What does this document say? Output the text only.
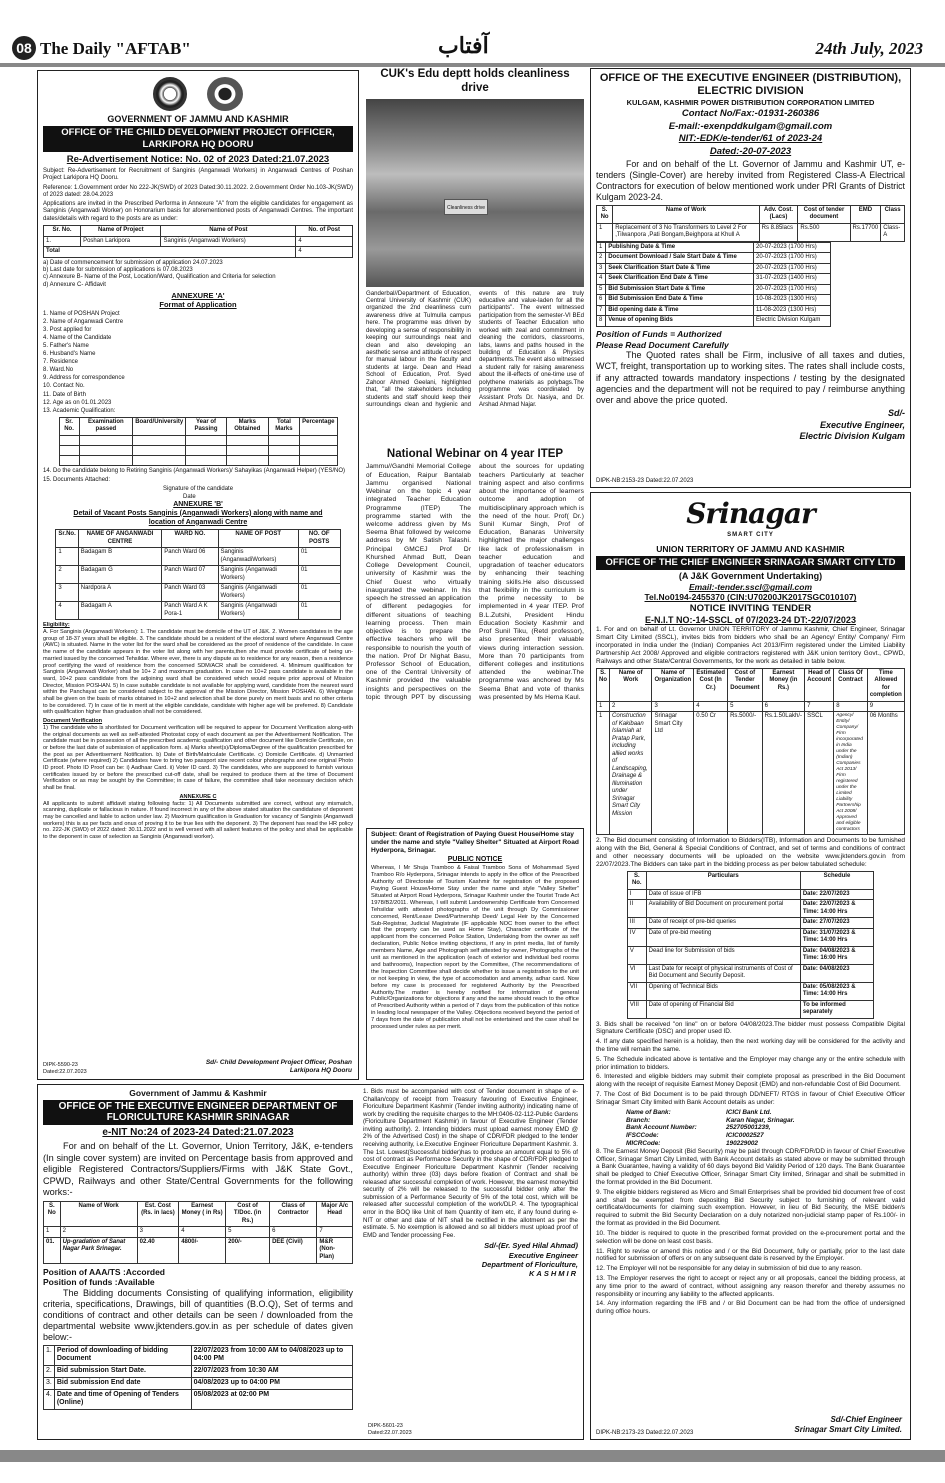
08 The Daily "AFTAB"	آفتاب	24th July, 2023
GOVERNMENT OF JAMMU AND KASHMIR
OFFICE OF THE CHILD DEVELOPMENT PROJECT OFFICER, LARKIPORA HQ DOORU
Re-Advertisement Notice: No. 02 of 2023 Dated:21.07.2023

Subject: Re-Advertisement for Recruitment of Sanginis (Anganwadi Workers) in Anganwadi Centres of Poshan Project Larkipora HQ Dooru.

Reference: 1.Government order No 222-JK(SWD) of 2023 Dated:30.11.2022. 2.Government Order No.103-JK(SWD) of 2023 dated: 28.04.2023

Applications are invited in the Prescribed Performa in Annexure "A" from the eligible candidates for engagement as Sanginis (Anganwadi Worker) on Honorarium basis for aforementioned posts of Anganwadi Centres. The important dates/details with regard to the posts are as under:

Sr. No.	Name of Project	Name of Post	No. of Post
1.	Poshan Larkipora	Sanginis (Anganwadi Workers)	4
Total			4
a) Date of commencement for submission of application 24.07.2023
b) Last date for submission of applications is 07.08.2023
c) Annexure B- Name of the Post, Location/Ward, Qualification and Criteria for selection
d) Annexure C- Affidavit
ANNEXURE 'A'
Format of Application
1. Name of POSHAN Project
2. Name of Anganwadi Centre
3. Post applied for
4. Name of the Candidate
5. Father's Name
6. Husband's Name
7. Residence
8. Ward.No
9. Address for correspondence
10. Contact No.
11. Date of Birth
12. Age as on 01.01.2023
13. Academic Qualification:
Sr. No.	Examination passed	Board/University	Year of Passing	Marks Obtained	Total Marks	Percentage

14. Do the candidate belong to Retiring Sanginis (Anganwadi Workers)/ Sahayikas (Anganwadi Helper) (YES/NO)

15. Documents Attached:

Signature of the candidate
Date
ANNEXURE 'B'
Detail of Vacant Posts Sanginis (Anganwadi Workers) along with name and location of Anganwadi Centre
Sr.No.	NAME OF ANGANWADI CENTRE	WARD NO.	NAME OF POST	NO. OF POSTS
1	Badagam B	Panch Ward 06	Sanginis (AnganwadiWorkers)	01
2	Badagam G	Panch Ward 07	Sanginis (Anganwadi Workers)	01
3	Nardpora A	Panch Ward 03	Sanginis (Anganwadi Workers)	01
4	Badagam A	Panch Ward A K Pora-1	Sanginis (Anganwadi Workers)	01
Eligibility:

A. For Sanginis (Anganwadi Workers): 1. The candidate must be domicile of the UT of J&K. 2. Women candidates in the age group of 18-37 years shall be eligible. 3. The candidate should be a resident of the electoral ward where Anganwadi Centre (AWC) is situated. Name in the voter list for the ward shall be considered as the proof of residence of the candidate. In case the name of the candidate appears in the voter list along with her parents,then she must provide certificate of being un-married issued by the concerned Tehsildar. Where ever, there is any dispute as to residence for any reason, then a residence proof certifying the ward of residence from the concerned SDM/ACR shall be considered. 4. Minimum qualification for Sanginis (Anganwadi Worker) shall be 10+ 2 and maximum graduation. In case no 10+2 pass candidate is available in the ward, 10+2 pass candidate from the adjoining ward shall be considered which would require prior approval of Mission Director, Mission POSHAN. 5) In case suitable candidate is not available for applying ward, candidate from the nearest ward within the Panchayat can be considered subject to the approval of the Mission Director, Mission POSHAN. 6) Weightage shall be given on the basis of marks obtained in 10+2 and selection shall be done purely on merit basis and no other criteria to be considered. 7) In case of tie in merit at the eligible candidate, candidate with higher age will be preferred. 8) Candidate with qualification higher than graduation shall not be considered.

Document Verification

1) The candidate who is shortlisted for Document verification will be required to appear for Document Verification along-with the original documents as well as self-attested Photostat copy of each document as per the Advertisement Notification. The candidate must be in possession of all the prescribed academic qualification and other document like Domicile Certificate, on or before the last date of submission of application form. a) Marks sheet(s)/Diploma/Degree of the qualification prescribed for the post as per Advertisement Notification. b) Date of Birth/Matriculate Certificate. c) Domicile Certificate. d) Unmarried Certificate (where required) 2) Candidates have to bring two passport size recent colour photographs and one original Photo ID proof. Photo ID Proof can be: i) Aadhaar Card. ii) Voter ID card. 3) The candidates, who are supposed to furnish various certificates issued by or before the prescribed cut-off date, shall be required to produce them at the time of Document Verification or as may be sought by the Committee; in case of failure, the committee shall take necessary decision which shall be final.

ANNEXURE C

All applicants to submit affidavit stating following facts: 1) All Documents submitted are correct, without any mismatch, scanning, duplicate or fallacious in nature. If found incorrect in any of the above stated situation the candidature of deponent may be cancelled and liable to action under law. 2) Maximum qualification is Graduation for vacancy of Sanginis (Anganwadi workers) this is as per facts and onus of proving it to be true lies with the deponent. 3) The deponent has read the HR policy no. 222-JK (SWD) of 2022 dated: 30.11.2022 and is well versed with all salient features of the policy and shall be applicable to the deponent in case of selection as Sanginis (Anganwadi worker).

DIPK-5590-23 Dated:22.07.2023
Sd/- Child Development Project Officer, Poshan Larkipora HQ Dooru
CUK's Edu deptt holds cleanliness drive
Cleanliness drive
Ganderbal//Department of Education, Central University of Kashmir (CUK) organized the 2nd cleanliness cum awareness drive at Tulmulla campus here. The programme was driven by developing a sense of responsibility in keeping our surroundings neat and clean and also developing an aesthetic sense and attitude of respect for manual labour in the faculty and students at large. Dean and Head School of Education, Prof. Syed Zahoor Ahmed Geelani, highlighted that, "all the stakeholders including students and staff should keep their surroundings clean and hygienic and events of this nature are truly educative and value-laden for all the participants". The event witnessed participation from the semester-VI BEd students of Teacher Education who worked with zeal and commitment in cleaning the corridors, classrooms, labs, lawns and paths housed in the building of Education & Physics departments.The event also witnessed a student rally for raising awareness about the ill-effects of one-time use of polythene materials as polybags.The programme was coordinated by Assistant Profs Dr. Nasiya, and Dr. Arshad Ahmad Najar.
National Webinar on 4 year ITEP
Jammu//Gandhi Memorial College of Education, Raipur Bantalab Jammu organised National Webinar on the topic 4 year integrated Teacher Education Programme (ITEP) The programme started with the welcome address given by Ms Seema Bhat followed by welcome address by Mr Satish Talashi. Principal GMCEJ Prof Dr Khurshed Ahmad Butt, Dean College Development Council, university of Kashmir was the Chief Guest who virtually inaugurated the webinar. In his speech he stressed an application of different pedagogies for different situations of teaching learning process. Then main objective is to prepare the effective teachers who will be responsible to nourish the youth of the nation. Prof Dr Nighat Basu, Professor School of Education, one of the Central University of Kashmir provided the valuable insights and perspectives on the topic through PPT by discussing about the sources for updating teachers Particularly at teacher training aspect and also confirms about the importance of learners outcome and adoption of multidisciplinary approach which is the need of the hour. Prof( Dr.) Sunil Kumar Singh, Prof of Education, Banaras University highlighted the major challenges like lack of professionalism in teacher education and upgradation of teacher educators by enhancing their teaching training skills.He also discussed that flexibility in the curriculum is the prime necessity to be implemented in 4 year ITEP. Prof B.L.Zutshi, President Hindu Education Society Kashmir and Prof Sunil Tiku, (Retd professor), also presented their valuable views during interaction session. More than 70 participants from different colleges and institutions attended the webinar.The programme was anchored by Ms Seema Bhat and vote of thanks was presented by Ms Hema Kaul.
Subject: Grant of Registration of Paying Guest House/Home stay under the name and style "Valley Shelter" Situated at Airport Road Hyderpora, Srinagar.
PUBLIC NOTICE
Whereas, I Mr Shuja Tramboo & Faisal Tramboo Sons of Mohammad Syed Tramboo R/o Hyderpora, Srinagar intends to apply in the office of the Prescribed Authority of Directorate of Tourism Kashmir for registration of the proposed Paying Guest House/Home Stay under the name and style "Valley Shelter" Situated at Airport Road Hyderpora, Srinagar Kashmir under the Tourist Trade Act 1978/B2/2011. Whereas, I will submit Landownership Certificate from Concerned Tehsildar with attested photographs of the unit through Dy Commissioner concerned, Rent/Lease Deed/Partnership Deed/ Legal Heir by the Concerned Sub-Registrar, Judicial Magistrate (IF applicable NOC from owner to the effect that the property can be used as Home Stay), Character certificate of the applicant from the concerned Police Station, Undertaking from the owner as self declaration, Public Notice inviting objections, if any in print media, list of family members Name, Age and Photograph self attested by owner, Photographs of the unit as mentioned in the application (each of exterior and individual bed rooms and bathrooms), Inspection report by the Committee, (The recommendations of the Inspection Committee shall decide whether to issue a registration to the unit or not keeping in view, the type of accomodation and amenity, adhar card. Now before my case is processed for registered Authority by the Prescribed Authority.The matter is hereby notified for information of general Public/Organizations for objections if any and the same should reach to the office of Prescribed Authority within a period of 7 days from the publication of this notice in leading local newspaper of the Valley. Objections received beyond the period of 7 days from the date of publication shall not be entertained and the case shall be processed under rules as per merit.
OFFICE OF THE EXECUTIVE ENGINEER (DISTRIBUTION), ELECTRIC DIVISION
KULGAM, KASHMIR POWER DISTRIBUTION CORPORATION LIMITED
Contact No/Fax:-01931-260386
E-mail:-exenpddkulgam@gmail.com
NIT:-EDK/e-tender/61 of 2023-24
Dated:-20-07-2023

For and on behalf of the Lt. Governor of Jammu and Kashmir UT, e-tenders (Single-Cover) are hereby invited from Registered Class-A Electrical Contractors for execution of below mentioned work under PRI Grants of District Kulgam 2023-24.

S. No	Name of Work	Adv. Cost. (Lacs)	Cost of tender document	EMD	Class
1	Replacement of 3 No Transformers to Level 2 For ,Tilwanpora ,Pati Bongam,Beighpora at Khull A	Rs 8.85lacs	Rs.500	Rs.17700	Class-A
1	Publishing Date & Time	20-07-2023 (1700 Hrs)
2	Document Download / Sale Start Date & Time	20-07-2023 (1700 Hrs)
3	Seek Clarification Start Date & Time	20-07-2023 (1700 Hrs)
4	Seek Clarification End Date & Time	31-07-2023 (1400 Hrs)
5	Bid Submission Start Date & Time	20-07-2023 (1700 Hrs)
6	Bid Submission End Date & Time	10-08-2023 (1300 Hrs)
7	Bid opening date & Time	11-08-2023 (1300 Hrs)
8	Venue of opening Bids	Electric Division Kulgam
Position of Funds = Authorized
Please Read Document Carefully

The Quoted rates shall be Firm, inclusive of all taxes and duties, WCT, freight, transportation up to working sites. The rates shall include costs, if any attracted towards mandatory inspections / testing by the designated agencies and the department will not be required to pay / reimburse anything over and above the price quoted.

Sd/-
Executive Engineer,
Electric Division Kulgam
DIPK-NB:2153-23 Dated:22.07.2023
Srinagar
SMART CITY
UNION TERRITORY OF JAMMU AND KASHMIR
OFFICE OF THE CHIEF ENGINEER SRINAGAR SMART CITY LTD
(A J&K Government Undertaking)
Email:-tender.sscl@gmail.com
Tel.No0194-2455370 (CIN:U70200JK2017SGC010107)
NOTICE INVITING TENDER
E-N.I.T NO:-14-SSCL of 07/2023-24 DT:-22/07/2023

1. For and on behalf of Lt. Governor UNION TERRITORY of Jammu Kashmir, Chief Engineer, Srinagar Smart City Limited (SSCL), invites bids from bidders who shall be an Agency/ Entity/ Company/ Firm incorporated in India under the (Indian) Companies Act 2013/Firm registered under the Limited Liability Partnership Act 2008/ Approved and eligible contractors registered with J&K union territory Govt., CPWD, Railways and other State/Central Governments, for the work as detailed in table below.

S. No	Name of Work	Name of Organization	Estimated Cost (In Cr.)	Cost of Tender Document	Earnest Money (in Rs.)	Head of Account	Class Of Contract	Time Allowed for completion
1	2	3	4	5	6	7	8	9
1	Construction of Kakibaan Islamiah at Pratap Park, including allied works of Landscaping, Drainage & Illumination under Srinagar Smart City Mission	Srinagar Smart City Ltd	0.50 Cr	Rs.5000/-	Rs.1.50Lakh/-	SSCL	Agency/ Entity/ Company/ Firm incorporated in India under the (Indian) Companies Act 2013/ Firm registered under the Limited Liability Partnership Act 2008/ Approved and eligible contractors	06 Months

2. The Bid document consisting of Information to Bidders(ITB), Information and Documents to be furnished along with the Bid, General & Special Conditions of Contract, and set of terms and conditions of contract and other necessary documents will be uploaded on the website www.jktenders.gov.in from 22/07/2023.The Bidders can take part in the bidding process as per below tabulated schedule:

S. No.	Particulars	Schedule
I	Date of issue of IFB	Date: 22/07/2023
II	Availability of Bid Document on procurement portal	Date: 22/07/2023 & Time: 14:00 Hrs
III	Date of receipt of pre-bid queries	Date: 27/07/2023
IV	Date of pre-bid meeting	Date: 31/07/2023 & Time: 14:00 Hrs
V	Dead line for Submission of bids	Date: 04/08/2023 & Time: 16:00 Hrs
VI	Last Date for receipt of physical instruments of Cost of Bid Document and Security Deposit.	Date: 04/08/2023
VII	Opening of Technical Bids	Date: 05/08/2023 & Time: 14:00 Hrs
VIII	Date of opening of Financial Bid	To be informed separately

3. Bids shall be received "on line" on or before 04/08/2023.The bidder must possess Compatible Digital Signature Certificate (DSC) and proper used ID.

4. If any date specified herein is a holiday, then the next working day will be considered for the activity and the time will remain the same.

5. The Schedule indicated above is tentative and the Employer may change any or the entire schedule with prior intimation to bidders.

6. Interested and eligible bidders may submit their complete proposal as prescribed in the Bid Document along with the receipt of requisite Earnest Money Deposit (EMD) and non-refundable Cost of Bid Document.

7. The Cost of Bid Document is to be paid through DD/NEFT/ RTGS in favour of Chief Executive Officer Srinagar Smart City limited with Bank Account details as under:

Name of Bank:	ICICI Bank Ltd.
Branch:	Karan Nagar, Srinagar.
Bank Account Number:	252705001239,
IFSCCode:	ICIC0002527
MICRCode:	190229002

8. The Earnest Money Deposit (Bid Security) may be paid through CDR/FDR/DD in favour of Chief Executive Officer, Srinagar Smart City Limited, with Bank Account details as stated above or may be submitted through a Bank Guarantee, having a validity of 60 days beyond Bid Validity Period of 120 days. The Bank Guarantee shall be pledged to Chief Executive Officer, Srinagar Smart City limited, Srinagar and shall be submitted in the format provided in the Bid Document.

9. The eligible bidders registered as Micro and Small Enterprises shall be provided bid document free of cost and shall be exempted from depositing Bid Security subject to furnishing of relevant valid certificate/documents for claiming such exemption. However, in lieu of Bid Security, the MSE bidder/s required to submit the Bid Security Declaration on a duly notarized non-judicial stamp paper of Rs.100/- in the format as provided in the Bid Document.

10. The bidder is required to quote in the prescribed format provided on the e-procurement portal and the selection will be done on least cost basis.

11. Right to revise or amend this notice and / or the Bid Document, fully or partially, prior to the last date notified for submission of offers or on any subsequent date is reserved by the Employer.

12. The Employer will not be responsible for any delay in submission of bid due to any reason.

13. The Employer reserves the right to accept or reject any or all proposals, cancel the bidding process, at any time prior to the award of contract, without assigning any reason therefor and thereby assumes no responsibility or incurring any liability to the affected applicants.

14. Any information regarding the IFB and / or Bid Document can be had from the office of undersigned during office hours.

Sd/-Chief Engineer
Srinagar Smart City Limited.
DIPK-NB:2173-23 Dated:22.07.2023
Government of Jammu & Kashmir
OFFICE OF THE EXECUTIVE ENGINEER DEPARTMENT OF FLORICULTURE KASHMIR SRINAGAR
e-NIT No:24 of 2023-24 Dated:21.07.2023

For and on behalf of the Lt. Governor, Union Territory, J&K, e-tenders (In single cover system) are invited on Percentage basis from approved and eligible Registered Contractors/Suppliers/Firms with J&K State Govt., CPWD, Railways and other State/Central Governments for the following works:-

S. No	Name of Work	Est. Cost (Rs. in lacs)	Earnest Money ( in Rs)	Cost of T/Doc. (in Rs.)	Class of Contractor	Major A/c Head
1	2	3	4	5	6	7
01.	Up-gradation of Sanat Nagar Park Srinagar.	02.40	4800/-	200/-	DEE (Civil)	M&R (Non- Plan)
Position of AAA/TS :Accorded
Position of funds :Available

The Bidding documents Consisting of qualifying information, eligibility criteria, specifications, Drawings, bill of quantities (B.O.Q), Set of terms and conditions of contract and other details can be seen / downloaded from the departmental website www.jktenders.gov.in as per schedule of dates given below:-

1.	Period of downloading of bidding Document	22/07/2023 from 10:00 AM to 04/08/2023 up to 04:00 PM
2.	Bid submission Start Date.	22/07/2023 from 10:30 AM
3.	Bid submission End date	04/08/2023 up to 04:00 PM
4.	Date and time of Opening of Tenders (Online)	05/08/2023 at 02:00 PM

1. Bids must be accompanied with cost of Tender document in shape of e-Challan/copy of receipt from Treasury favouring of Executive Engineer, Floriculture Department Kashmir (Tender inviting authority) indicating name of work by crediting the requisite charges to the MH:0406-02-112-Public Gardens (Floriculture Department Kashmir) in favour of Executive Engineer (Tender inviting authority). 2. Intending bidders must upload earnest money EMD @ 2% of the Advertised Cost) in the shape of CDR/FDR pledged to the tender receiving authority, i.e.Executive Engineer Floriculture Department Kashmir. 3. The 1st. Lowest(Successful bidder)has to produce an amount equal to 5% of cost of contract as Performance Security in the shape of CDR/FDR pledged to Executive Engineer Floriculture Department Kashmir (Tender receiving authority) within three (03) days before fixation of Contract and shall be released after successful completion of work. However, the earnest money/bid security of 2% will be released to the successful bidder only after the submission of a Performance Security of 5% of the total cost, which will be released after successful completion of the work/DLP. 4. The typographical error in the BOQ like Unit of Item Quantity of item etc, if any found during e-NIT or other and date of NIT shall be rectified in the allotment as per the estimate. 5. No exemption is allowed and so all bidders must upload proof of EMD and Tender processing Fee.

Sd/-(Er. Syed Hilal Ahmad)
Executive Engineer
Department of Floriculture,
KASHMIR
DIPK-5601-23 Dated:22.07.2023
